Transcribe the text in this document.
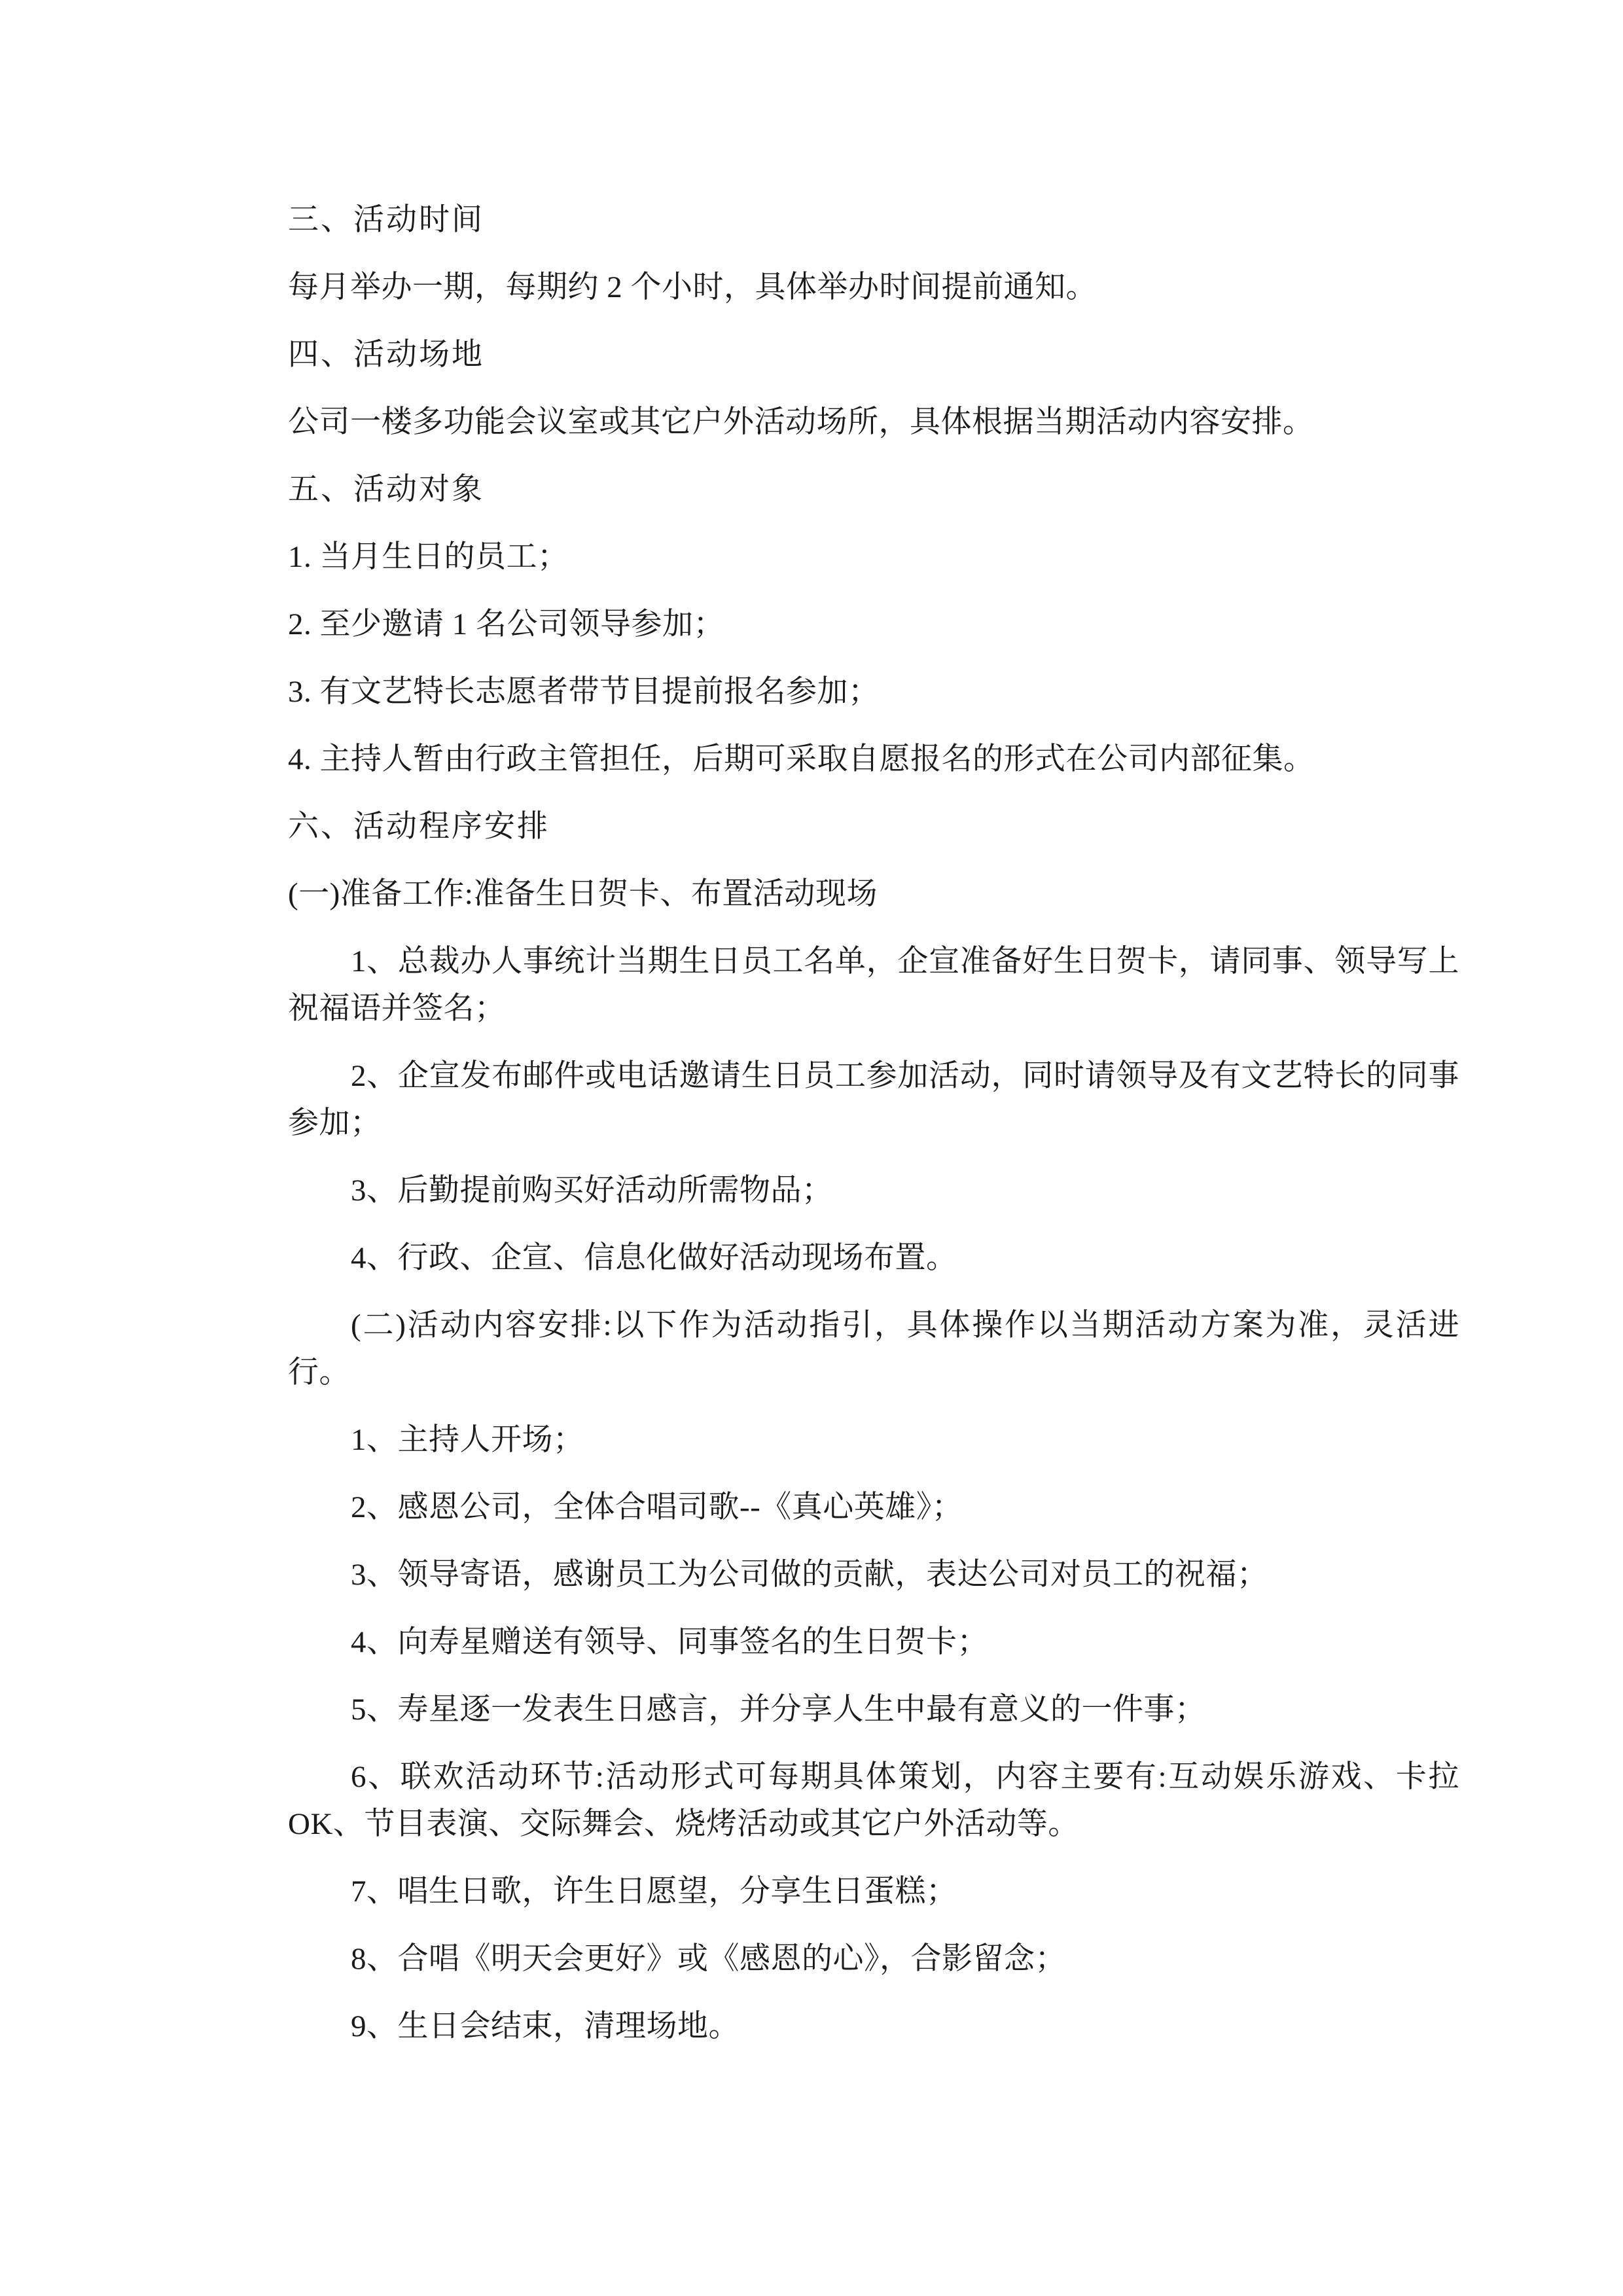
三、活动时间

每月举办一期，每期约 2 个小时，具体举办时间提前通知。

四、活动场地

公司一楼多功能会议室或其它户外活动场所，具体根据当期活动内容安排。

五、活动对象

1. 当月生日的员工；

2. 至少邀请 1 名公司领导参加；

3. 有文艺特长志愿者带节目提前报名参加；

4. 主持人暂由行政主管担任，后期可采取自愿报名的形式在公司内部征集。

六、活动程序安排

(一)准备工作:准备生日贺卡、布置活动现场

1、总裁办人事统计当期生日员工名单，企宣准备好生日贺卡，请同事、领导写上祝福语并签名；

2、企宣发布邮件或电话邀请生日员工参加活动，同时请领导及有文艺特长的同事参加；

3、后勤提前购买好活动所需物品；

4、行政、企宣、信息化做好活动现场布置。

(二)活动内容安排:以下作为活动指引，具体操作以当期活动方案为准，灵活进行。

1、主持人开场；

2、感恩公司，全体合唱司歌--《真心英雄》；

3、领导寄语，感谢员工为公司做的贡献，表达公司对员工的祝福；

4、向寿星赠送有领导、同事签名的生日贺卡；

5、寿星逐一发表生日感言，并分享人生中最有意义的一件事；

6、联欢活动环节:活动形式可每期具体策划，内容主要有:互动娱乐游戏、卡拉 OK、节目表演、交际舞会、烧烤活动或其它户外活动等。

7、唱生日歌，许生日愿望，分享生日蛋糕；

8、合唱《明天会更好》或《感恩的心》，合影留念；

9、生日会结束，清理场地。
